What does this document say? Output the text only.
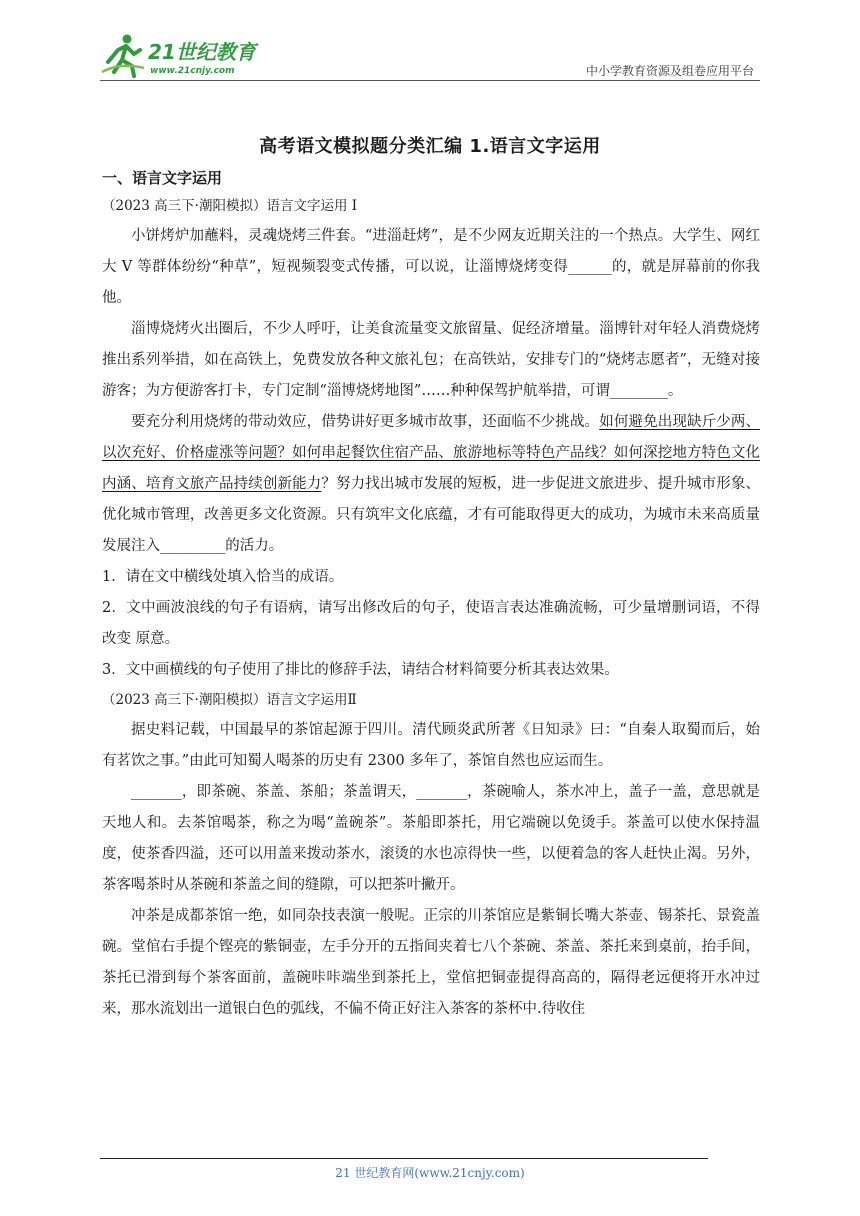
21世纪教育
www.21cnjy.com	中小学教育资源及组卷应用平台
高考语文模拟题分类汇编 1.语言文字运用
一、语言文字运用
（2023 高三下·潮阳模拟）语言文字运用 I

小饼烤炉加蘸料，灵魂烧烤三件套。“进淄赶烤”，是不少网友近期关注的一个热点。大学生、网红大 V 等群体纷纷“种草”，短视频裂变式传播，可以说，让淄博烧烤变得______的，就是屏幕前的你我他。

淄博烧烤火出圈后，不少人呼吁，让美食流量变文旅留量、促经济增量。淄博针对年轻人消费烧烤推出系列举措，如在高铁上，免费发放各种文旅礼包；在高铁站，安排专门的“烧烤志愿者”，无缝对接游客；为方便游客打卡，专门定制“淄博烧烤地图”……种种保驾护航举措，可谓________。

要充分利用烧烤的带动效应，借势讲好更多城市故事，还面临不少挑战。如何避免出现缺斤少两、以次充好、价格虚涨等问题？如何串起餐饮住宿产品、旅游地标等特色产品线？如何深挖地方特色文化内涵、培育文旅产品持续创新能力？努力找出城市发展的短板，进一步促进文旅进步、提升城市形象、优化城市管理，改善更多文化资源。只有筑牢文化底蕴，才有可能取得更大的成功，为城市未来高质量发展注入_________的活力。

1．请在文中横线处填入恰当的成语。

2．文中画波浪线的句子有语病，请写出修改后的句子，使语言表达准确流畅，可少量增删词语，不得改变 原意。

3．文中画横线的句子使用了排比的修辞手法，请结合材料简要分析其表达效果。

（2023 高三下·潮阳模拟）语言文字运用Ⅱ

据史料记载，中国最早的茶馆起源于四川。清代顾炎武所著《日知录》曰：“自秦人取蜀而后，始有茗饮之事。”由此可知蜀人喝茶的历史有 2300 多年了，茶馆自然也应运而生。

_______，即茶碗、茶盖、茶船；茶盖谓天，_______，茶碗喻人，茶水冲上，盖子一盖，意思就是天地人和。去茶馆喝茶，称之为喝“盖碗茶”。茶船即茶托，用它端碗以免烫手。茶盖可以使水保持温度，使茶香四溢，还可以用盖来拨动茶水，滚烫的水也凉得快一些，以便着急的客人赶快止渴。另外，茶客喝茶时从茶碗和茶盖之间的缝隙，可以把茶叶撇开。

冲茶是成都茶馆一绝，如同杂技表演一般呢。正宗的川茶馆应是紫铜长嘴大茶壶、锡茶托、景瓷盖碗。堂倌右手提个铿亮的紫铜壶，左手分开的五指间夹着七八个茶碗、茶盖、茶托来到桌前，抬手间，茶托已滑到每个茶客面前，盖碗咔咔端坐到茶托上，堂倌把铜壶提得高高的，隔得老远便将开水冲过来，那水流划出一道银白色的弧线，不偏不倚正好注入茶客的茶杯中.待收住

21 世纪教育网(www.21cnjy.com)
